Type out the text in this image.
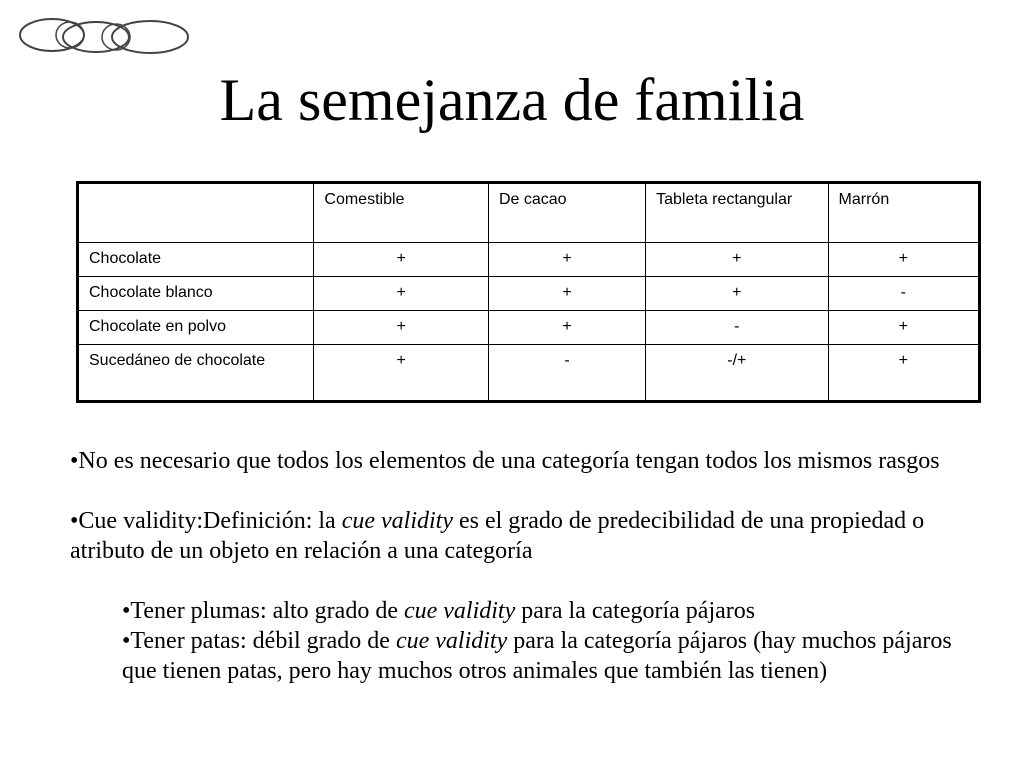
La semejanza de familia
	Comestible	De cacao	Tableta rectangular	Marrón
Chocolate	+	+	+	+
Chocolate blanco	+	+	+	-
Chocolate en polvo	+	+	-	+
Sucedáneo de chocolate	+	-	-/+	+

•No es necesario que todos los elementos de una categoría tengan todos los mismos rasgos

•Cue validity:Definición: la cue validity es el grado de predecibilidad de una propiedad o atributo de un objeto en relación a una categoría

•Tener plumas: alto grado de cue validity para la categoría pájaros

•Tener patas: débil grado de cue validity para la categoría pájaros (hay muchos pájaros que tienen patas, pero hay muchos otros animales que también las tienen)
